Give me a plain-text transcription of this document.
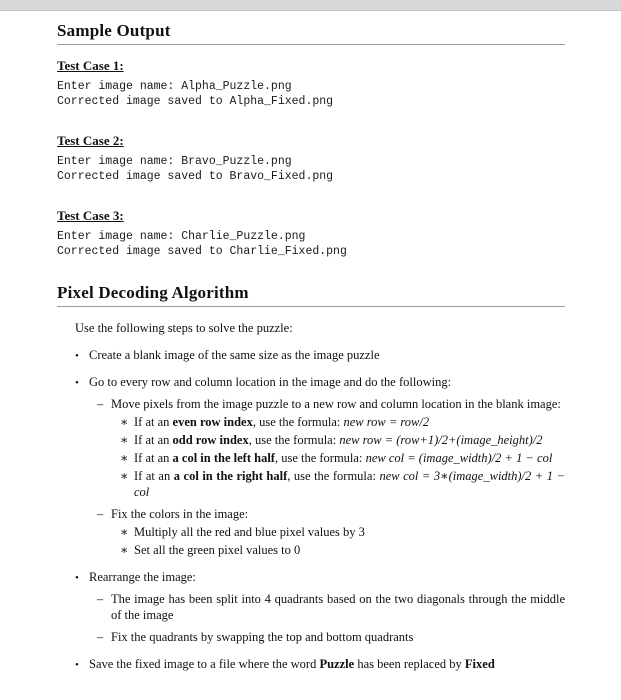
Sample Output
Test Case 1:
Enter image name: Alpha_Puzzle.png
Corrected image saved to Alpha_Fixed.png
Test Case 2:
Enter image name: Bravo_Puzzle.png
Corrected image saved to Bravo_Fixed.png
Test Case 3:
Enter image name: Charlie_Puzzle.png
Corrected image saved to Charlie_Fixed.png
Pixel Decoding Algorithm

Use the following steps to solve the puzzle:

• Create a blank image of the same size as the image puzzle
• Go to every row and column location in the image and do the following:
– Move pixels from the image puzzle to a new row and column location in the blank image:
∗ If at an even row index, use the formula: new row = row/2
∗ If at an odd row index, use the formula: new row = (row+1)/2+(image_height)/2
∗ If at an a col in the left half, use the formula: new col = (image_width)/2 + 1 − col
∗ If at an a col in the right half, use the formula: new col = 3∗(image_width)/2 + 1 − col
– Fix the colors in the image:
∗ Multiply all the red and blue pixel values by 3
∗ Set all the green pixel values to 0
• Rearrange the image:
– The image has been split into 4 quadrants based on the two diagonals through the middle of the image
– Fix the quadrants by swapping the top and bottom quadrants
• Save the fixed image to a file where the word Puzzle has been replaced by Fixed
